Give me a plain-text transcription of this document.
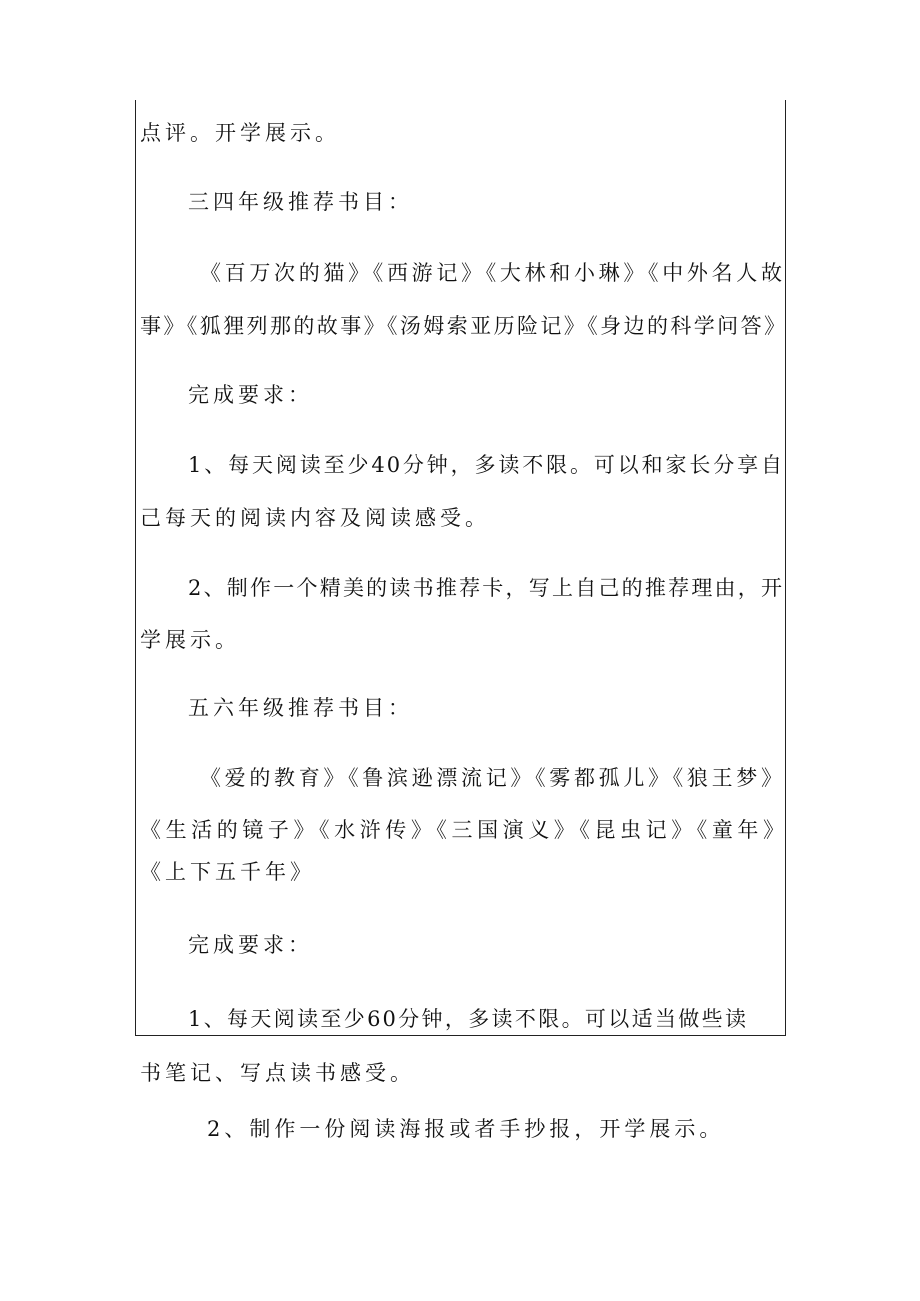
点评。开学展示。
三四年级推荐书目：
《百万次的猫》《西游记》《大林和小琳》《中外名人故
事》《狐狸列那的故事》《汤姆索亚历险记》《身边的科学问答》
完成要求：
1、每天阅读至少40分钟，多读不限。可以和家长分享自
己每天的阅读内容及阅读感受。
2、制作一个精美的读书推荐卡，写上自己的推荐理由，开
学展示。
五六年级推荐书目：
《爱的教育》《鲁滨逊漂流记》《雾都孤儿》《狼王梦》
《生活的镜子》《水浒传》《三国演义》《昆虫记》《童年》
《上下五千年》
完成要求：
1、每天阅读至少60分钟，多读不限。可以适当做些读
书笔记、写点读书感受。
2、制作一份阅读海报或者手抄报，开学展示。
